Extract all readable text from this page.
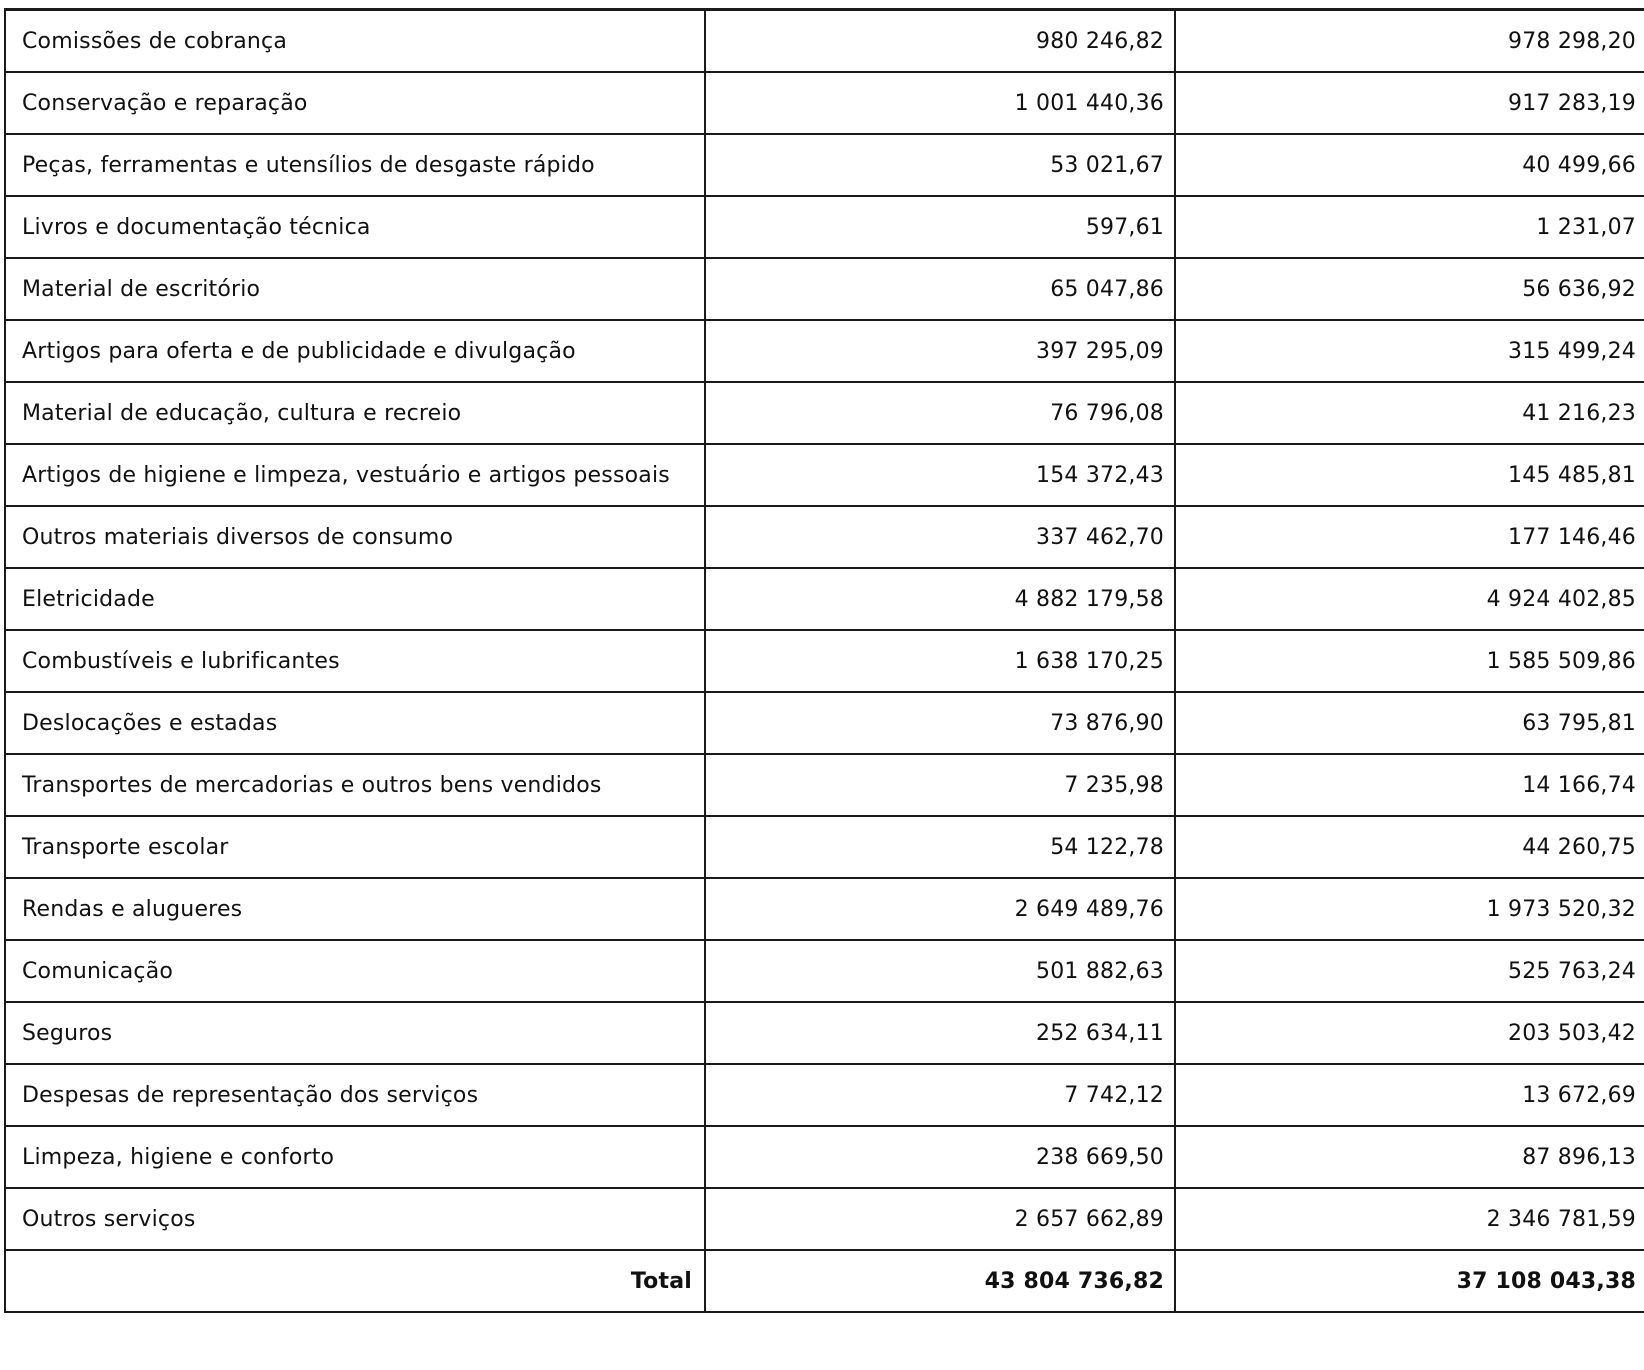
Comissões de cobrança	980 246,82	978 298,20
Conservação e reparação	1 001 440,36	917 283,19
Peças, ferramentas e utensílios de desgaste rápido	53 021,67	40 499,66
Livros e documentação técnica	597,61	1 231,07
Material de escritório	65 047,86	56 636,92
Artigos para oferta e de publicidade e divulgação	397 295,09	315 499,24
Material de educação, cultura e recreio	76 796,08	41 216,23
Artigos de higiene e limpeza, vestuário e artigos pessoais	154 372,43	145 485,81
Outros materiais diversos de consumo	337 462,70	177 146,46
Eletricidade	4 882 179,58	4 924 402,85
Combustíveis e lubrificantes	1 638 170,25	1 585 509,86
Deslocações e estadas	73 876,90	63 795,81
Transportes de mercadorias e outros bens vendidos	7 235,98	14 166,74
Transporte escolar	54 122,78	44 260,75
Rendas e alugueres	2 649 489,76	1 973 520,32
Comunicação	501 882,63	525 763,24
Seguros	252 634,11	203 503,42
Despesas de representação dos serviços	7 742,12	13 672,69
Limpeza, higiene e conforto	238 669,50	87 896,13
Outros serviços	2 657 662,89	2 346 781,59
Total	43 804 736,82	37 108 043,38
